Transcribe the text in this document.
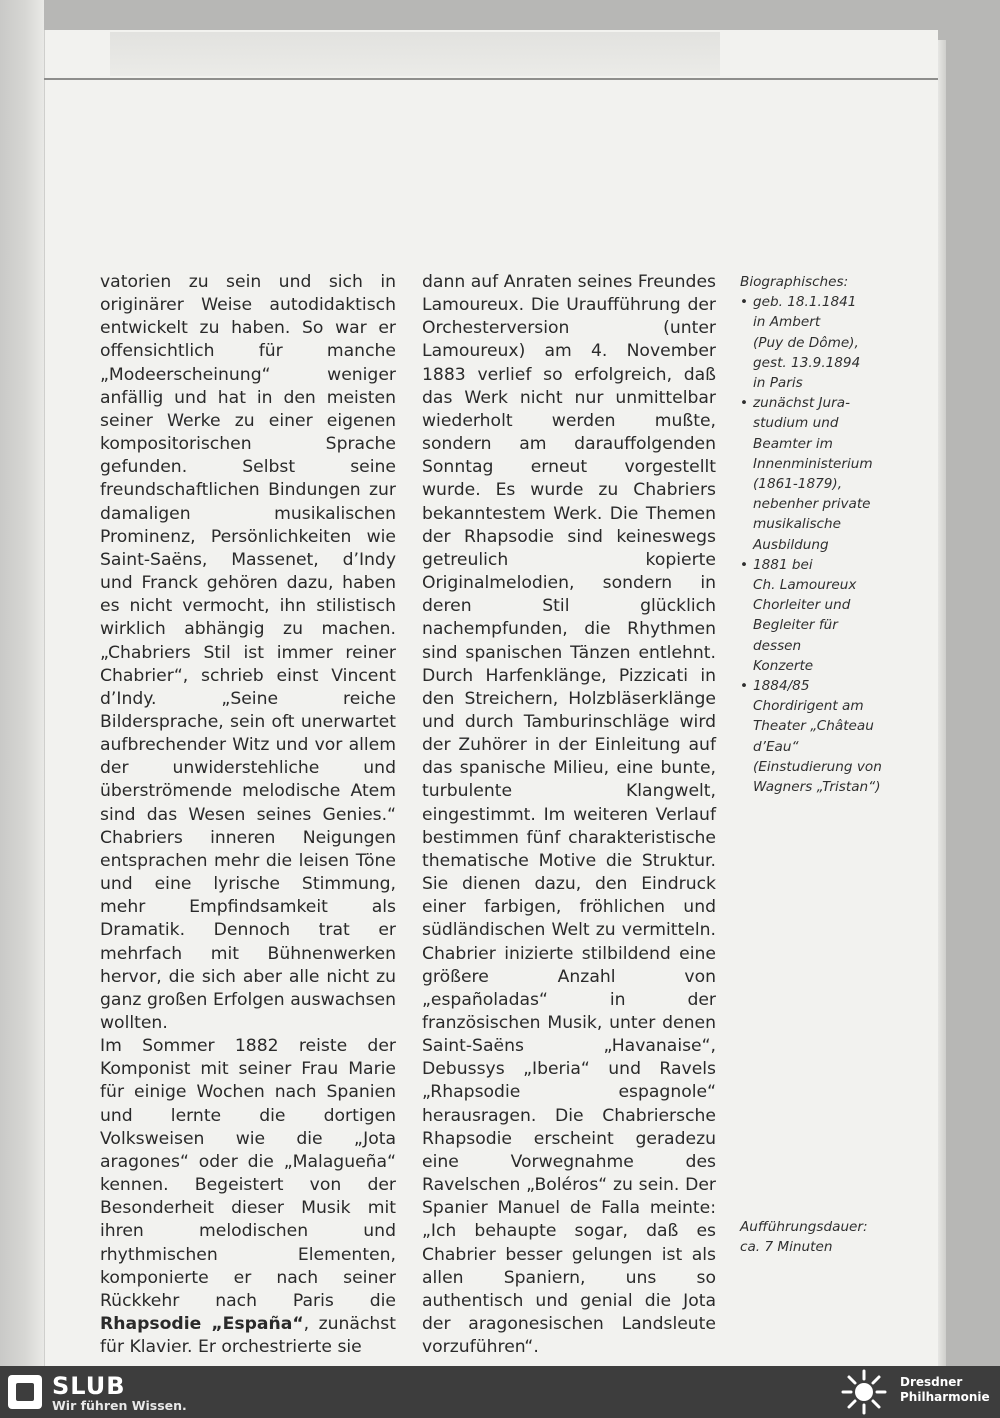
vatorien zu sein und sich in originärer Weise autodidaktisch entwickelt zu haben. So war er offensichtlich für manche „Modeerscheinung“ weniger anfällig und hat in den meisten seiner Werke zu einer eigenen kompositorischen Sprache gefunden. Selbst seine freundschaftlichen Bindungen zur damaligen musikalischen Prominenz, Persönlichkeiten wie Saint-Saëns, Massenet, d’Indy und Franck gehören dazu, haben es nicht vermocht, ihn stilistisch wirklich abhängig zu machen. „Chabriers Stil ist immer reiner Chabrier“, schrieb einst Vincent d’Indy. „Seine reiche Bildersprache, sein oft unerwartet aufbrechender Witz und vor allem der unwiderstehliche und überströmende melodische Atem sind das Wesen seines Genies.“ Chabriers inneren Neigungen entsprachen mehr die leisen Töne und eine lyrische Stimmung, mehr Empfindsamkeit als Dramatik. Dennoch trat er mehrfach mit Bühnenwerken hervor, die sich aber alle nicht zu ganz großen Erfolgen auswachsen wollten.

Im Sommer 1882 reiste der Komponist mit seiner Frau Marie für einige Wochen nach Spanien und lernte die dortigen Volksweisen wie die „Jota aragones“ oder die „Malagueña“ kennen. Begeistert von der Besonderheit dieser Musik mit ihren melodischen und rhythmischen Elementen, komponierte er nach seiner Rückkehr nach Paris die Rhapsodie „España“, zunächst für Klavier. Er orchestrierte sie

dann auf Anraten seines Freundes Lamoureux. Die Uraufführung der Orchesterversion (unter Lamoureux) am 4. November 1883 verlief so erfolgreich, daß das Werk nicht nur unmittelbar wiederholt werden mußte, sondern am darauffolgenden Sonntag erneut vorgestellt wurde. Es wurde zu Chabriers bekanntestem Werk. Die Themen der Rhapsodie sind keineswegs getreulich kopierte Originalmelodien, sondern in deren Stil glücklich nachempfunden, die Rhythmen sind spanischen Tänzen entlehnt. Durch Harfenklänge, Pizzicati in den Streichern, Holzbläserklänge und durch Tamburinschläge wird der Zuhörer in der Einleitung auf das spanische Milieu, eine bunte, turbulente Klangwelt, eingestimmt. Im weiteren Verlauf bestimmen fünf charakteristische thematische Motive die Struktur. Sie dienen dazu, den Eindruck einer farbigen, fröhlichen und südländischen Welt zu vermitteln. Chabrier inizierte stilbildend eine größere Anzahl von „españoladas“ in der französischen Musik, unter denen Saint-Saëns „Havanaise“, Debussys „Iberia“ und Ravels „Rhapsodie espagnole“ herausragen. Die Chabriersche Rhapsodie erscheint geradezu eine Vorwegnahme des Ravelschen „Boléros“ zu sein. Der Spanier Manuel de Falla meinte: „Ich behaupte sogar, daß es Chabrier besser gelungen ist als allen Spaniern, uns so authentisch und genial die Jota der aragonesischen Landsleute vorzuführen“.

Biographisches:
• geb. 18.1.1841
in Ambert
(Puy de Dôme),
gest. 13.9.1894
in Paris
• zunächst Jura-
studium und
Beamter im
Innenministerium
(1861-1879),
nebenher private
musikalische
Ausbildung
• 1881 bei
Ch. Lamoureux
Chorleiter und
Begleiter für dessen
Konzerte
• 1884/85
Chordirigent am
Theater „Château
d’Eau“
(Einstudierung von
Wagners „Tristan“)
Aufführungsdauer:
ca. 7 Minuten
SLUB
Wir führen Wissen.
Dresdner
Philharmonie
